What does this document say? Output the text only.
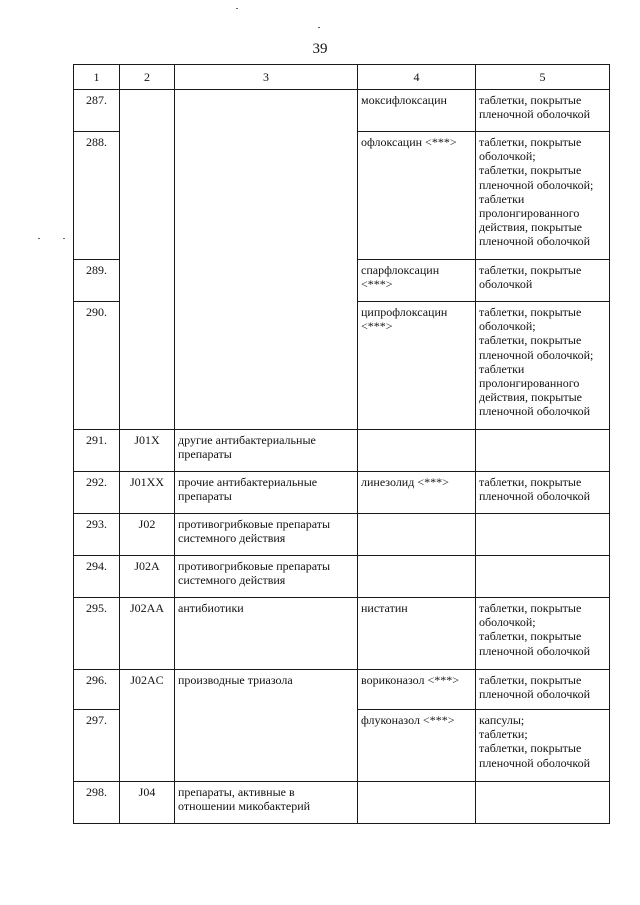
39
1	2	3	4	5
287.			моксифлоксацин	таблетки, покрытые пленочной оболочкой
288.			офлоксацин <***>	таблетки, покрытые оболочкой;
таблетки, покрытые пленочной оболочкой;
таблетки пролонгированного действия, покрытые пленочной оболочкой
289.			спарфлоксацин <***>	таблетки, покрытые оболочкой
290.			ципрофлоксацин <***>	таблетки, покрытые оболочкой;
таблетки, покрытые пленочной оболочкой;
таблетки пролонгированного действия, покрытые пленочной оболочкой
291.	J01X	другие антибактериальные препараты		
292.	J01XX	прочие антибактериальные препараты	линезолид <***>	таблетки, покрытые пленочной оболочкой
293.	J02	противогрибковые препараты системного действия		
294.	J02A	противогрибковые препараты системного действия		
295.	J02AA	антибиотики	нистатин	таблетки, покрытые оболочкой;
таблетки, покрытые пленочной оболочкой
296.	J02AC	производные триазола	вориконазол <***>	таблетки, покрытые пленочной оболочкой
297.			флуконазол <***>	капсулы;
таблетки;
таблетки, покрытые пленочной оболочкой
298.	J04	препараты, активные в отношении микобактерий		
